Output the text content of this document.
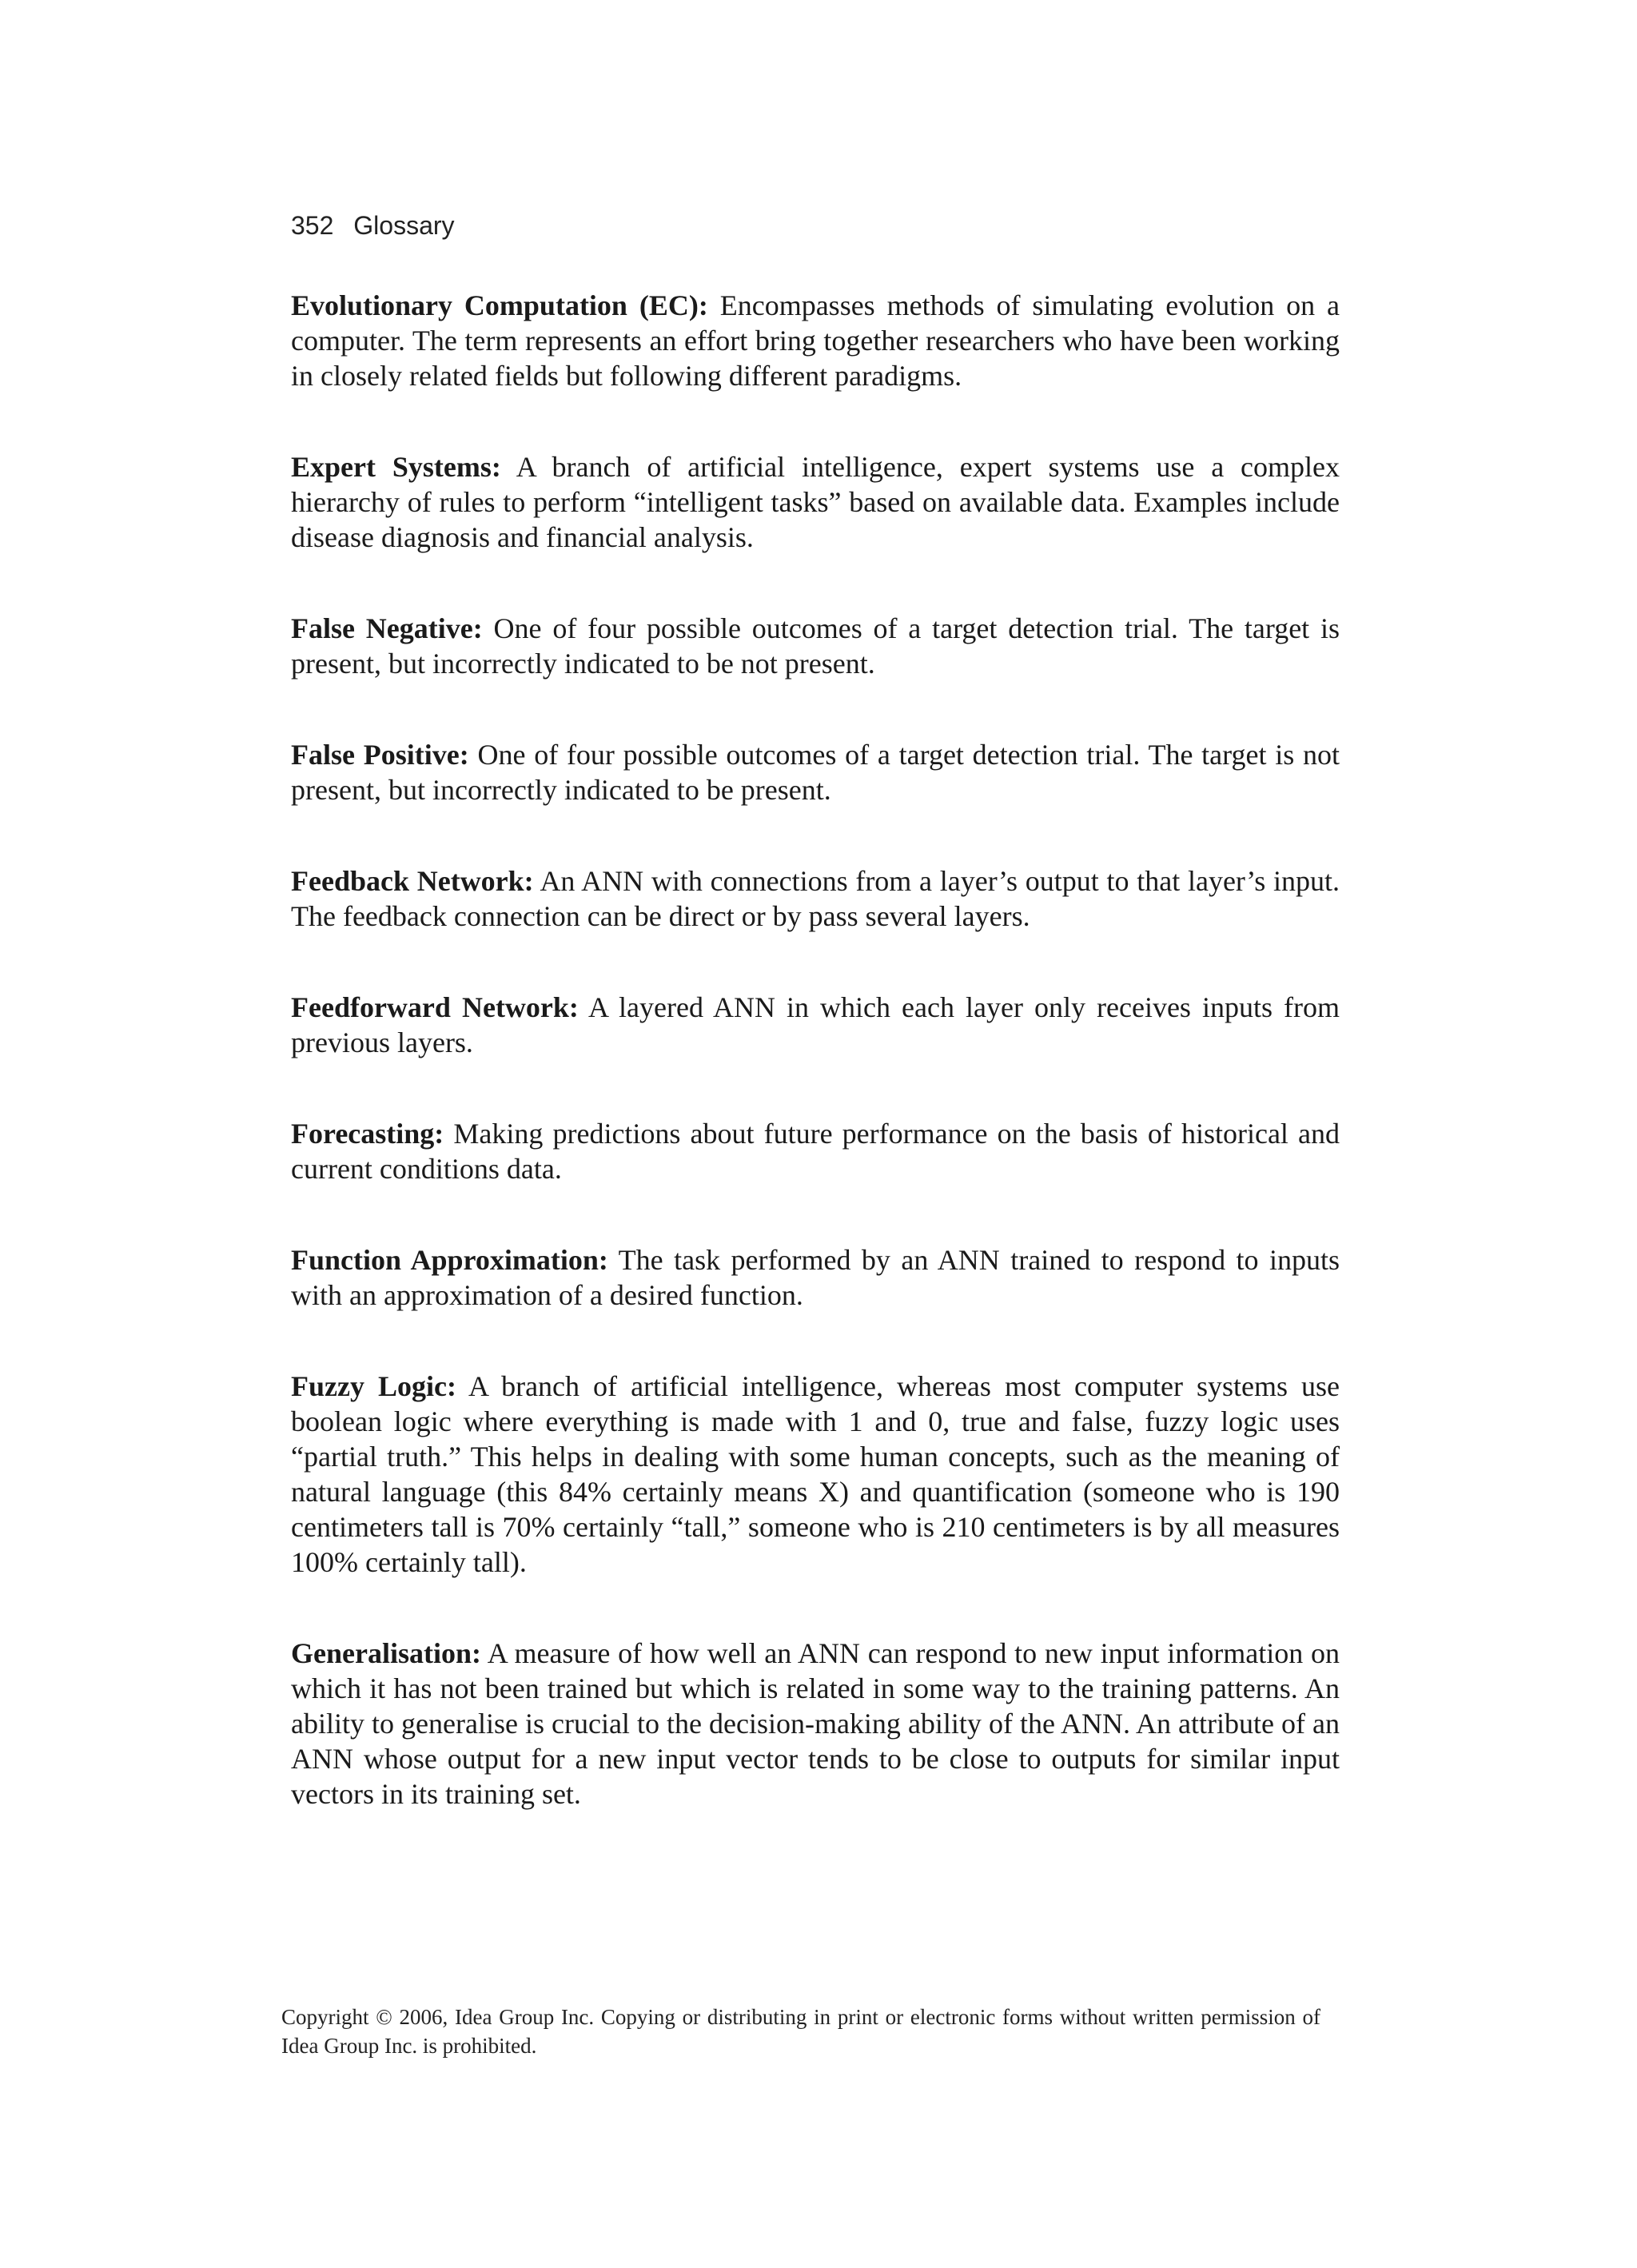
352 Glossary

Evolutionary Computation (EC): Encompasses methods of simulating evolution on a computer. The term represents an effort bring together researchers who have been working in closely related fields but following different paradigms.

Expert Systems: A branch of artificial intelligence, expert systems use a complex hierarchy of rules to perform “intelligent tasks” based on available data. Examples include disease diagnosis and financial analysis.

False Negative: One of four possible outcomes of a target detection trial. The target is present, but incorrectly indicated to be not present.

False Positive: One of four possible outcomes of a target detection trial. The target is not present, but incorrectly indicated to be present.

Feedback Network: An ANN with connections from a layer’s output to that layer’s input. The feedback connection can be direct or by pass several layers.

Feedforward Network: A layered ANN in which each layer only receives inputs from previous layers.

Forecasting: Making predictions about future performance on the basis of historical and current conditions data.

Function Approximation: The task performed by an ANN trained to respond to inputs with an approximation of a desired function.

Fuzzy Logic: A branch of artificial intelligence, whereas most computer systems use boolean logic where everything is made with 1 and 0, true and false, fuzzy logic uses “partial truth.” This helps in dealing with some human concepts, such as the meaning of natural language (this 84% certainly means X) and quantification (someone who is 190 centimeters tall is 70% certainly “tall,” someone who is 210 centimeters is by all measures 100% certainly tall).

Generalisation: A measure of how well an ANN can respond to new input information on which it has not been trained but which is related in some way to the training patterns. An ability to generalise is crucial to the decision-making ability of the ANN. An attribute of an ANN whose output for a new input vector tends to be close to outputs for similar input vectors in its training set.

Copyright © 2006, Idea Group Inc. Copying or distributing in print or electronic forms without written permission of Idea Group Inc. is prohibited.
